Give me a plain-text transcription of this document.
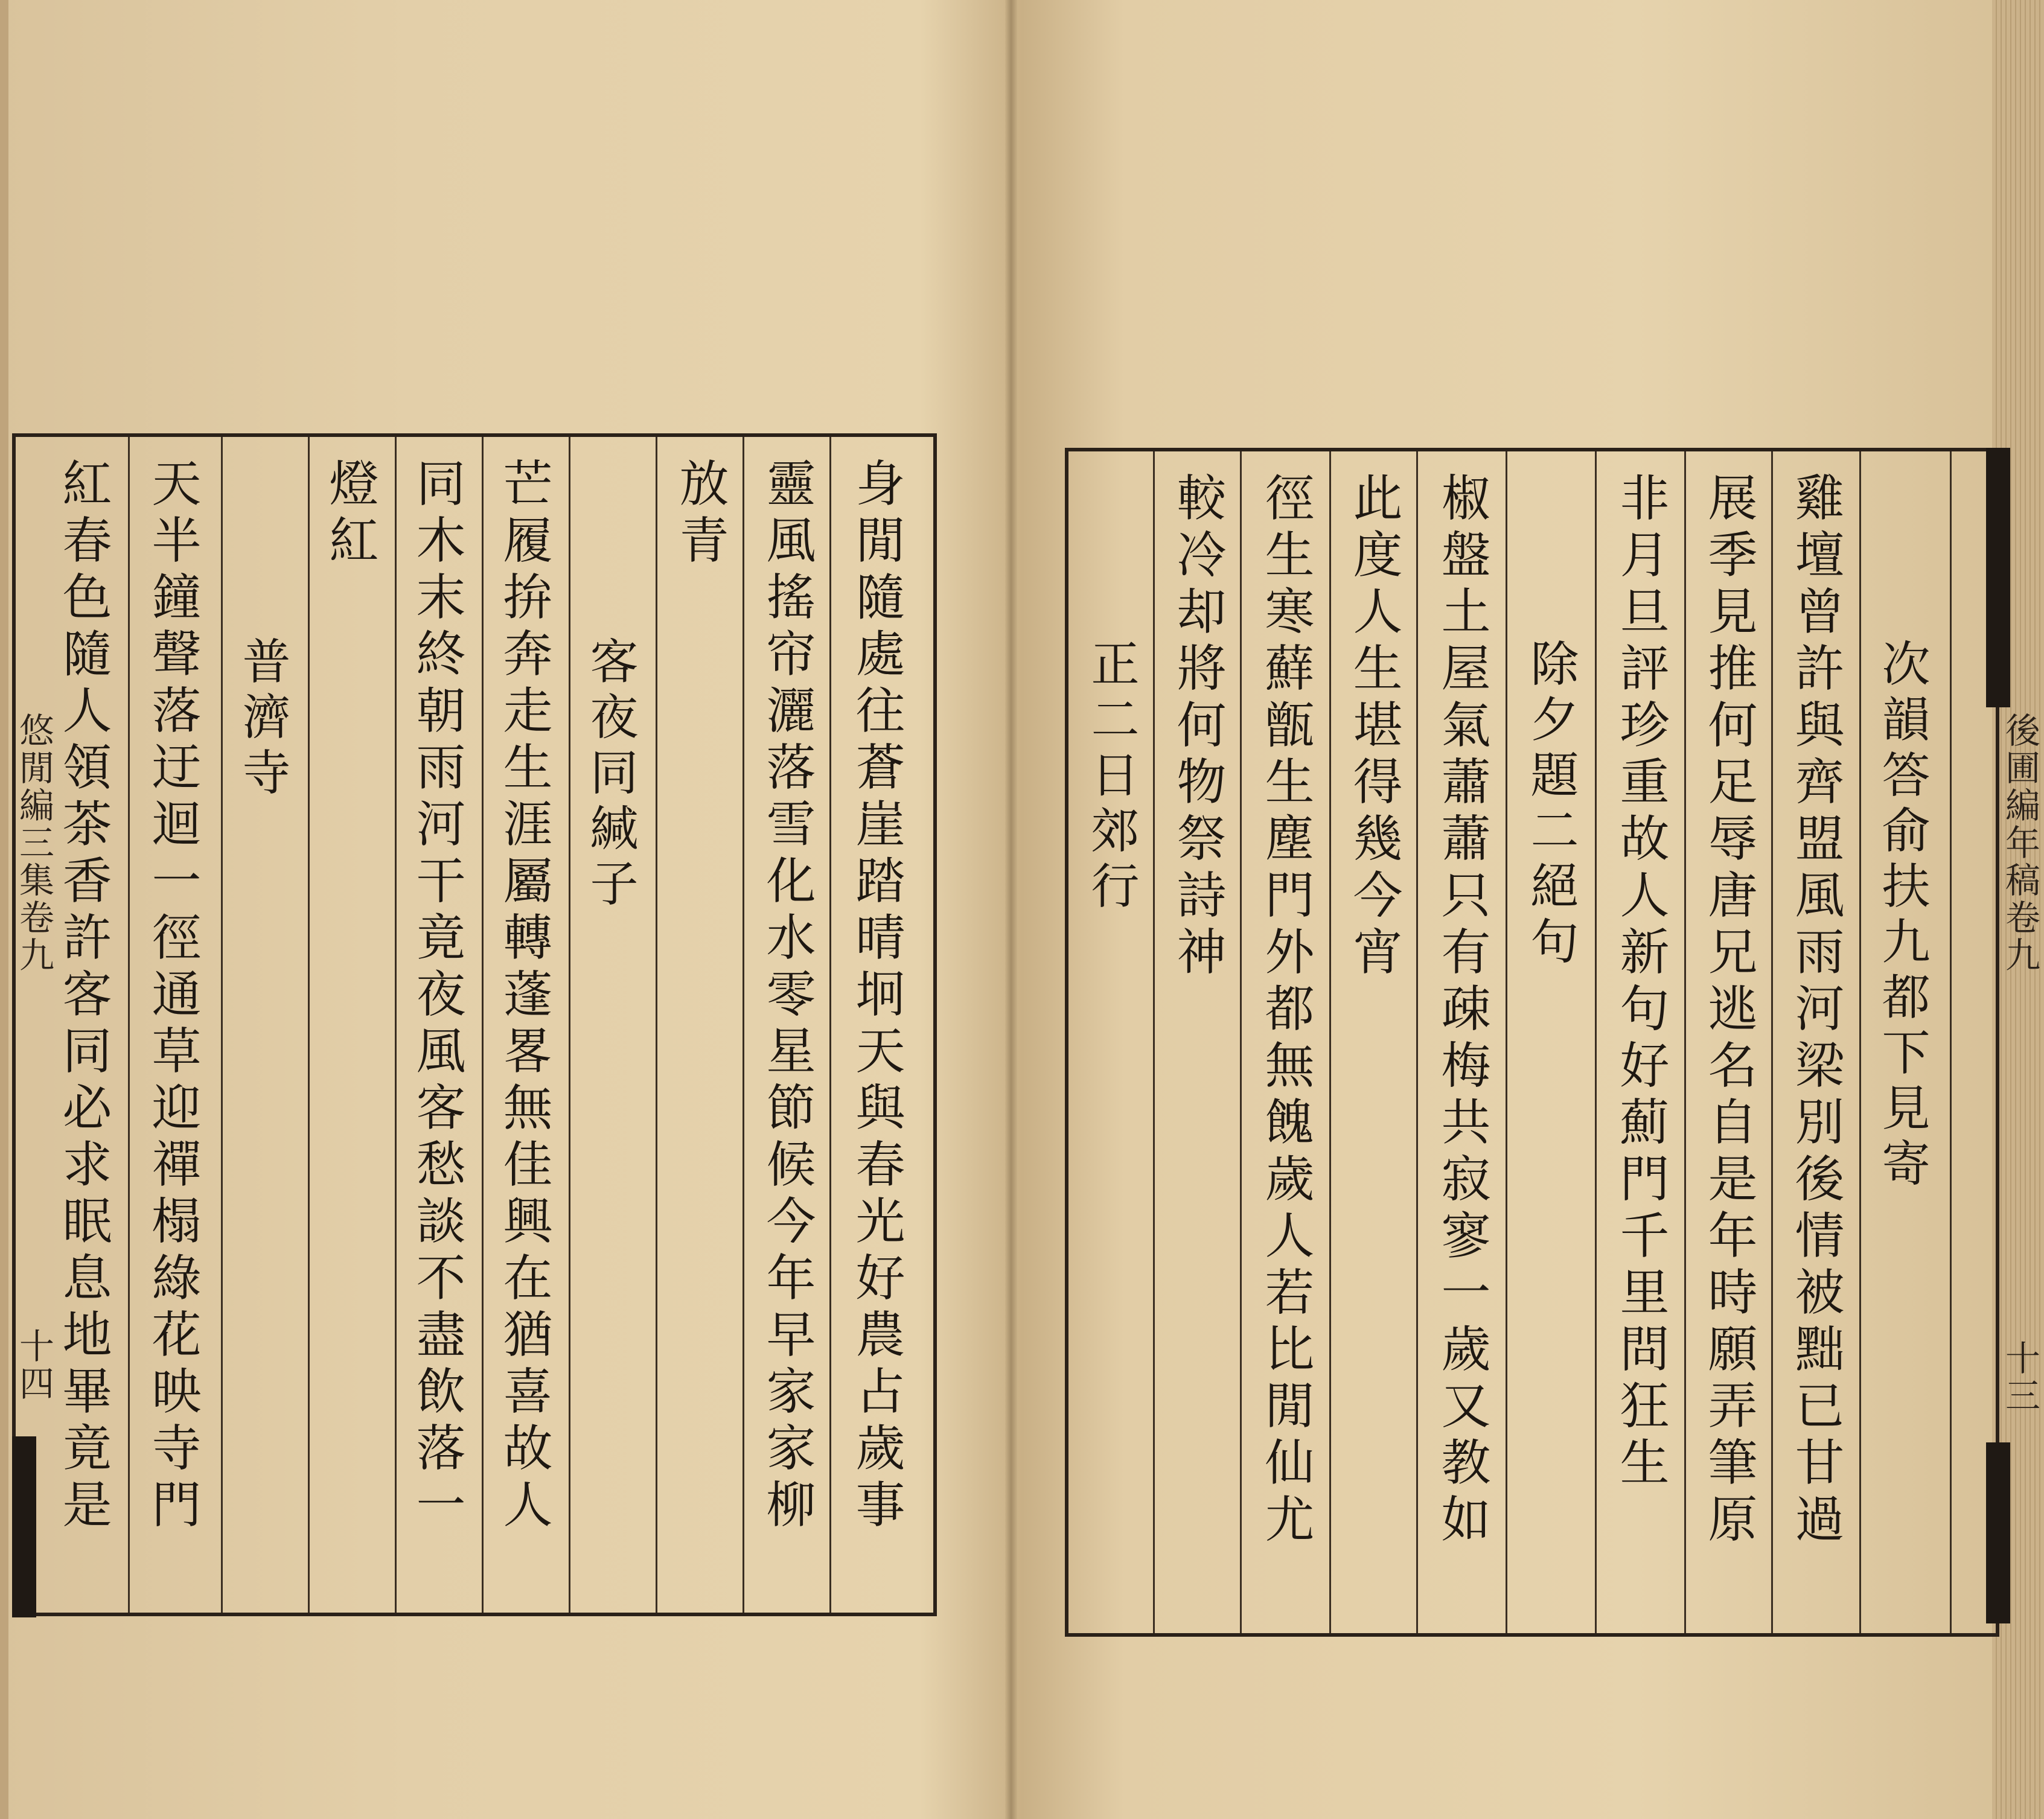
身閒隨處往蒼崖踏晴坰天與春光好農占歲事
靈風搖帘灑落雪化水零星節候今年早家家柳
放青
客夜同緘子
芒履拚奔走生涯屬轉蓬畧無佳興在猶喜故人
同木末終朝雨河干竟夜風客愁談不盡飲落一
燈紅
普濟寺
天半鐘聲落迂迴一徑通草迎禪榻綠花映寺門
紅春色隨人領茶香許客同必求眠息地畢竟是	次韻答俞扶九都下見寄
雞壇曾許與齊盟風雨河梁別後情被黜已甘過
展季見推何足辱唐兄逃名自是年時願弄筆原
非月旦評珍重故人新句好薊門千里問狂生
除夕題二絕句
椒盤土屋氣蕭蕭只有疎梅共寂寥一歲又教如
此度人生堪得幾今宵
徑生寒蘚甑生塵門外都無餽歲人若比閒仙尤
較冷却將何物祭詩神
正二日郊行	後圃編年稿卷九
十三
悠閒編三集卷九
十四
